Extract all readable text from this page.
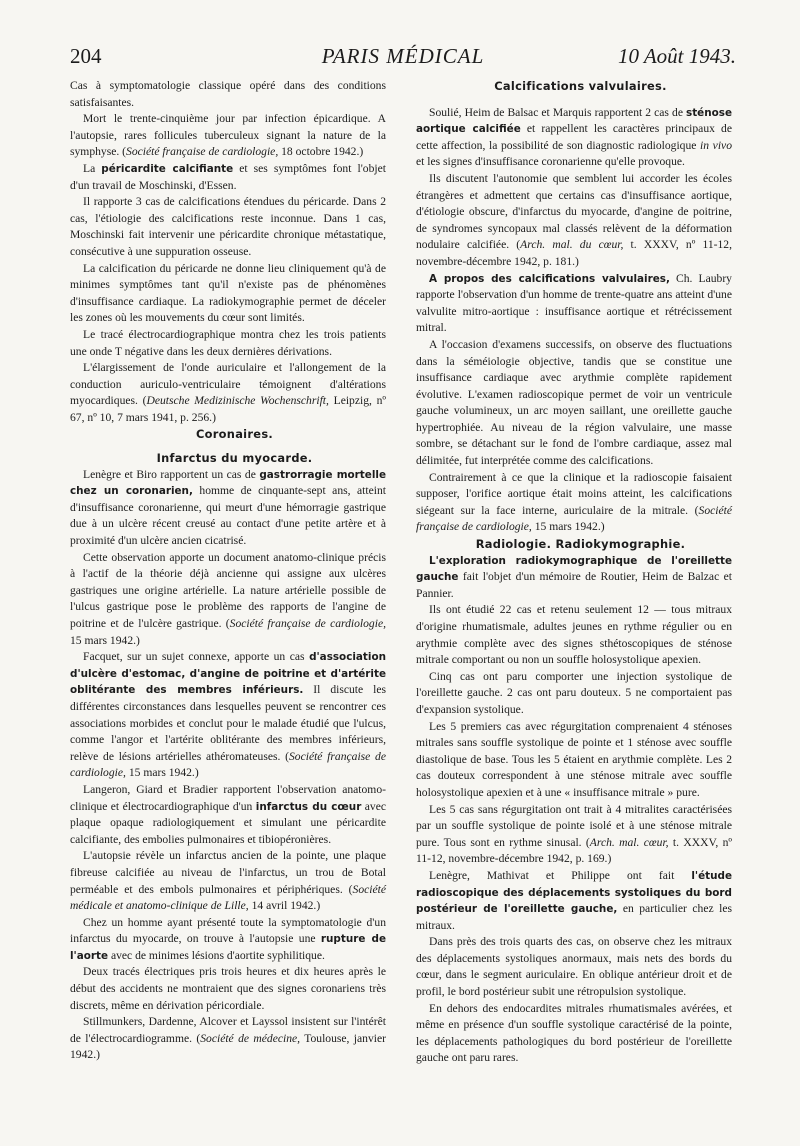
204	PARIS MÉDICAL	10 Août 1943.

Cas à symptomatologie classique opéré dans des conditions satisfaisantes.

Mort le trente-cinquième jour par infection épicardique. A l'autopsie, rares follicules tuberculeux signant la nature de la symphyse. (Société française de cardiologie, 18 octobre 1942.)

La péricardite calcifiante et ses symptômes font l'objet d'un travail de Moschinski, d'Essen.

Il rapporte 3 cas de calcifications étendues du péricarde. Dans 2 cas, l'étiologie des calcifications reste inconnue. Dans 1 cas, Moschinski fait intervenir une péricardite chronique métastatique, consécutive à une suppuration osseuse.

La calcification du péricarde ne donne lieu cliniquement qu'à de minimes symptômes tant qu'il n'existe pas de phénomènes d'insuffisance cardiaque. La radiokymographie permet de déceler les zones où les mouvements du cœur sont limités.

Le tracé électrocardiographique montra chez les trois patients une onde T négative dans les deux dernières dérivations.

L'élargissement de l'onde auriculaire et l'allongement de la conduction auriculo-ventriculaire témoignent d'altérations myocardiques. (Deutsche Medizinische Wochenschrift, Leipzig, nº 67, nº 10, 7 mars 1941, p. 256.)

Coronaires.

Infarctus du myocarde.

Lenègre et Biro rapportent un cas de gastrorragie mortelle chez un coronarien, homme de cinquante-sept ans, atteint d'insuffisance coronarienne, qui meurt d'une hémorragie gastrique due à un ulcère récent creusé au contact d'une petite artère et à proximité d'un ulcère ancien cicatrisé.

Cette observation apporte un document anatomo-clinique précis à l'actif de la théorie déjà ancienne qui assigne aux ulcères gastriques une origine artérielle. La nature artérielle possible de l'ulcus gastrique pose le problème des rapports de l'angine de poitrine et de l'ulcère gastrique. (Société française de cardiologie, 15 mars 1942.)

Facquet, sur un sujet connexe, apporte un cas d'association d'ulcère d'estomac, d'angine de poitrine et d'artérite oblitérante des membres inférieurs. Il discute les différentes circonstances dans lesquelles peuvent se rencontrer ces associations morbides et conclut pour le malade étudié que l'ulcus, comme l'angor et l'artérite oblitérante des membres inférieurs, relève de lésions artérielles athéromateuses. (Société française de cardiologie, 15 mars 1942.)

Langeron, Giard et Bradier rapportent l'observation anatomo-clinique et électrocardiographique d'un infarctus du cœur avec plaque opaque radiologiquement et simulant une péricardite calcifiante, des embolies pulmonaires et tibiopéronières.

L'autopsie révèle un infarctus ancien de la pointe, une plaque fibreuse calcifiée au niveau de l'infarctus, un trou de Botal perméable et des embols pulmonaires et périphériques. (Société médicale et anatomo-clinique de Lille, 14 avril 1942.)

Chez un homme ayant présenté toute la symptomatologie d'un infarctus du myocarde, on trouve à l'autopsie une rupture de l'aorte avec de minimes lésions d'aortite syphilitique.

Deux tracés électriques pris trois heures et dix heures après le début des accidents ne montraient que des signes coronariens très discrets, même en dérivation péricordiale.

Stillmunkers, Dardenne, Alcover et Layssol insistent sur l'intérêt de l'électrocardiogramme. (Société de médecine, Toulouse, janvier 1942.)

Calcifications valvulaires.

Soulié, Heim de Balsac et Marquis rapportent 2 cas de sténose aortique calcifiée et rappellent les caractères principaux de cette affection, la possibilité de son diagnostic radiologique in vivo et les signes d'insuffisance coronarienne qu'elle provoque.

Ils discutent l'autonomie que semblent lui accorder les écoles étrangères et admettent que certains cas d'insuffisance aortique, d'étiologie obscure, d'infarctus du myocarde, d'angine de poitrine, de syndromes syncopaux mal classés relèvent de la déformation nodulaire calcifiée. (Arch. mal. du cœur, t. XXXV, nº 11-12, novembre-décembre 1942, p. 181.)

A propos des calcifications valvulaires, Ch. Laubry rapporte l'observation d'un homme de trente-quatre ans atteint d'une valvulite mitro-aortique : insuffisance aortique et rétrécissement mitral.

A l'occasion d'examens successifs, on observe des fluctuations dans la séméiologie objective, tandis que se constitue une insuffisance cardiaque avec arythmie complète rapidement évolutive. L'examen radioscopique permet de voir un ventricule gauche volumineux, un arc moyen saillant, une oreillette gauche hypertrophiée. Au niveau de la région valvulaire, une masse sombre, se détachant sur le fond de l'ombre cardiaque, assez mal délimitée, fut interprétée comme des calcifications.

Contrairement à ce que la clinique et la radioscopie faisaient supposer, l'orifice aortique était moins atteint, les calcifications siégeant sur la face interne, auriculaire de la mitrale. (Société française de cardiologie, 15 mars 1942.)

Radiologie. Radiokymographie.

L'exploration radiokymographique de l'oreillette gauche fait l'objet d'un mémoire de Routier, Heim de Balzac et Pannier.

Ils ont étudié 22 cas et retenu seulement 12 — tous mitraux d'origine rhumatismale, adultes jeunes en rythme régulier ou en arythmie complète avec des signes sthétoscopiques de sténose mitrale comportant ou non un souffle holosystolique apexien.

Cinq cas ont paru comporter une injection systolique de l'oreillette gauche. 2 cas ont paru douteux. 5 ne comportaient pas d'expansion systolique.

Les 5 premiers cas avec régurgitation comprenaient 4 sténoses mitrales sans souffle systolique de pointe et 1 sténose avec souffle diastolique de base. Tous les 5 étaient en arythmie complète. Les 2 cas douteux correspondent à une sténose mitrale avec souffle holosystolique apexien et à une « insuffisance mitrale » pure.

Les 5 cas sans régurgitation ont trait à 4 mitralites caractérisées par un souffle systolique de pointe isolé et à une sténose mitrale pure. Tous sont en rythme sinusal. (Arch. mal. cœur, t. XXXV, nº 11-12, novembre-décembre 1942, p. 169.)

Lenègre, Mathivat et Philippe ont fait l'étude radioscopique des déplacements systoliques du bord postérieur de l'oreillette gauche, en particulier chez les mitraux.

Dans près des trois quarts des cas, on observe chez les mitraux des déplacements systoliques anormaux, mais nets des bords du cœur, dans le segment auriculaire. En oblique antérieur droit et de profil, le bord postérieur subit une rétropulsion systolique.

En dehors des endocardites mitrales rhumatismales avérées, et même en présence d'un souffle systolique caractérisé de la pointe, les déplacements pathologiques du bord postérieur de l'oreillette gauche ont paru rares.
